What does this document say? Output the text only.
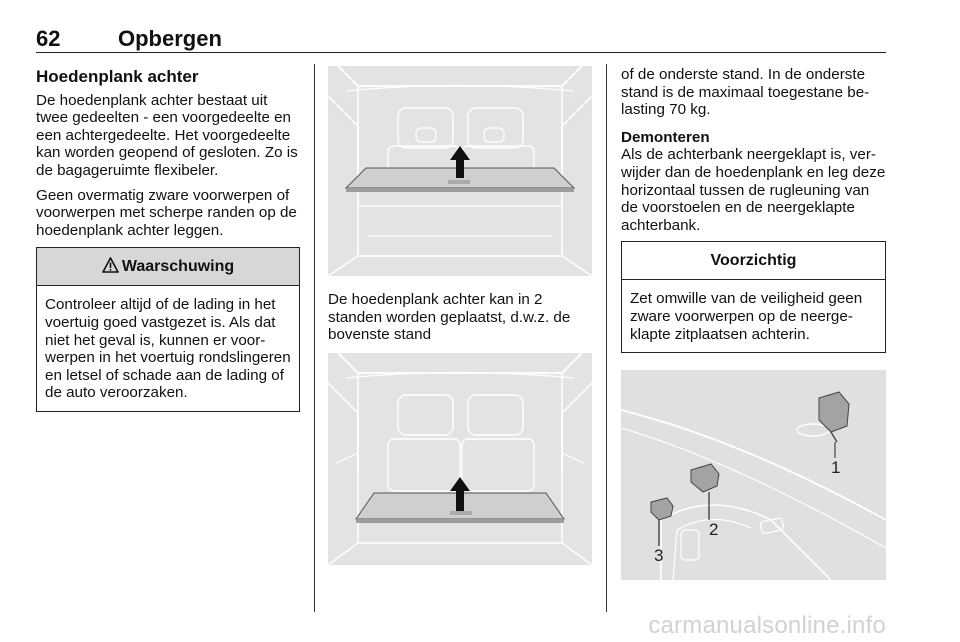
62	Opbergen
Hoedenplank achter

De hoedenplank achter bestaat uit twee gedeelten - een voorgedeelte en een achtergedeelte. Het voorgedeelte kan worden geopend of gesloten. Zo is de bagageruimte flexibeler.

Geen overmatig zware voorwerpen of voorwerpen met scherpe randen op de hoedenplank achter leggen.

Waarschuwing
Controleer altijd of de lading in het voertuig goed vastgezet is. Als dat niet het geval is, kunnen er voorwerpen in het voertuig rondslingeren en letsel of schade aan de lading of de auto veroorzaken.

De hoedenplank achter kan in 2 standen worden geplaatst, d.w.z. de bovenste stand

of de onderste stand. In de onderste stand is de maximaal toegestane belasting 70 kg.

Demonteren

Als de achterbank neergeklapt is, verwijder dan de hoedenplank en leg deze horizontaal tussen de rugleuning van de voorstoelen en de neergeklapte achterbank.

Voorzichtig
Zet omwille van de veiligheid geen zware voorwerpen op de neergeklapte zitplaatsen achterin.
1
2
3
carmanualsonline.info
